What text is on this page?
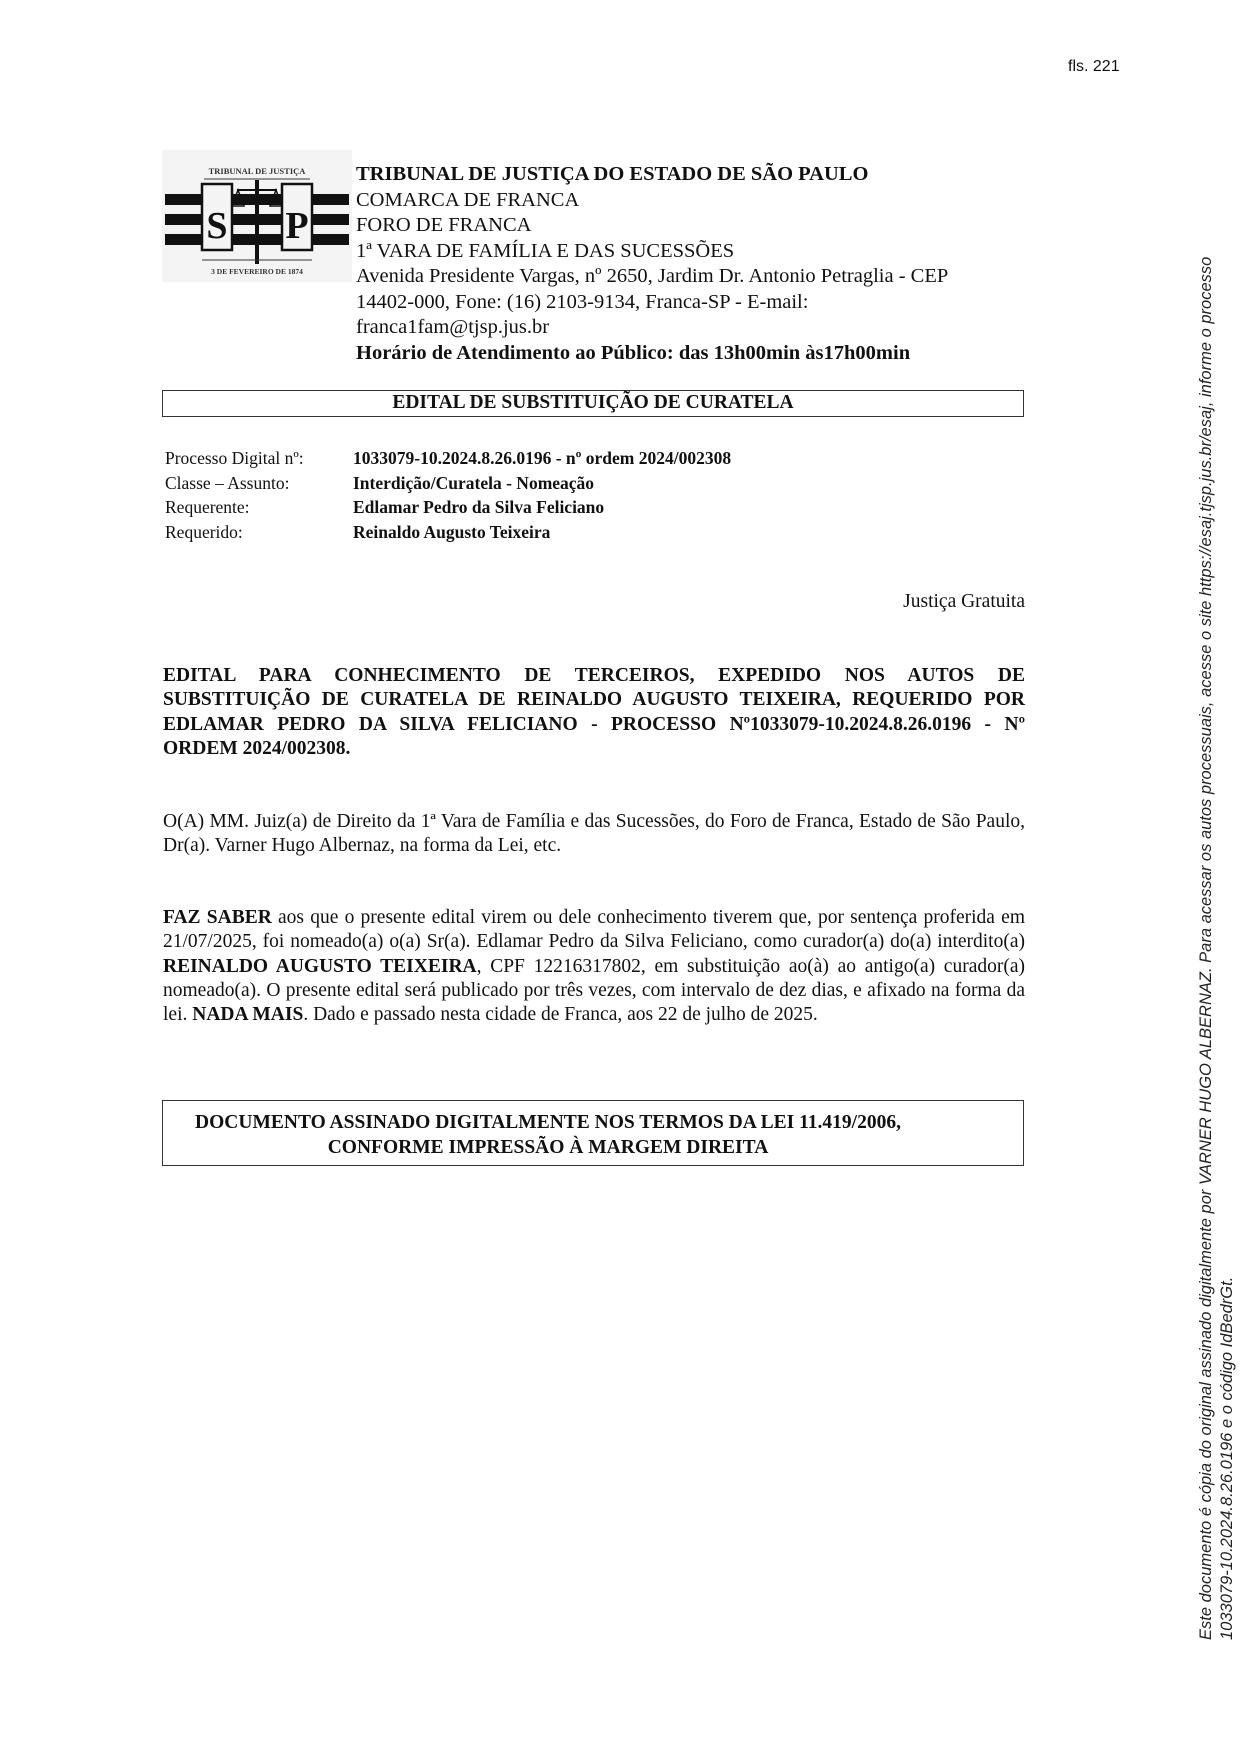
fls. 221
TRIBUNAL DE JUSTIÇA
S P
3 DE FEVEREIRO DE 1874
TRIBUNAL DE JUSTIÇA DO ESTADO DE SÃO PAULO
COMARCA DE FRANCA
FORO DE FRANCA
1ª VARA DE FAMÍLIA E DAS SUCESSÕES
Avenida Presidente Vargas, nº 2650, Jardim Dr. Antonio Petraglia - CEP
14402-000, Fone: (16) 2103-9134, Franca-SP - E-mail:
franca1fam@tjsp.jus.br
Horário de Atendimento ao Público: das 13h00min às17h00min
EDITAL DE SUBSTITUIÇÃO DE CURATELA
Processo Digital nº:	1033079-10.2024.8.26.0196 - nº ordem 2024/002308
Classe – Assunto:	Interdição/Curatela - Nomeação
Requerente:	Edlamar Pedro da Silva Feliciano
Requerido:	Reinaldo Augusto Teixeira
Justiça Gratuita
EDITAL PARA CONHECIMENTO DE TERCEIROS, EXPEDIDO NOS AUTOS DE SUBSTITUIÇÃO DE CURATELA DE REINALDO AUGUSTO TEIXEIRA, REQUERIDO POR EDLAMAR PEDRO DA SILVA FELICIANO - PROCESSO Nº1033079-10.2024.8.26.0196 - Nº ORDEM 2024/002308.
O(A) MM. Juiz(a) de Direito da 1ª Vara de Família e das Sucessões, do Foro de Franca, Estado de São Paulo, Dr(a). Varner Hugo Albernaz, na forma da Lei, etc.
FAZ SABER aos que o presente edital virem ou dele conhecimento tiverem que, por sentença proferida em 21/07/2025, foi nomeado(a) o(a) Sr(a). Edlamar Pedro da Silva Feliciano, como curador(a) do(a) interdito(a) REINALDO AUGUSTO TEIXEIRA, CPF 12216317802, em substituição ao(à) ao antigo(a) curador(a) nomeado(a). O presente edital será publicado por três vezes, com intervalo de dez dias, e afixado na forma da lei. NADA MAIS. Dado e passado nesta cidade de Franca, aos 22 de julho de 2025.
DOCUMENTO ASSINADO DIGITALMENTE NOS TERMOS DA LEI 11.419/2006,
CONFORME IMPRESSÃO À MARGEM DIREITA	Este documento é cópia do original assinado digitalmente por VARNER HUGO ALBERNAZ. Para acessar os autos processuais, acesse o site https://esaj.tjsp.jus.br/esaj, informe o processo 1033079-10.2024.8.26.0196 e o código IdBedrGt.
